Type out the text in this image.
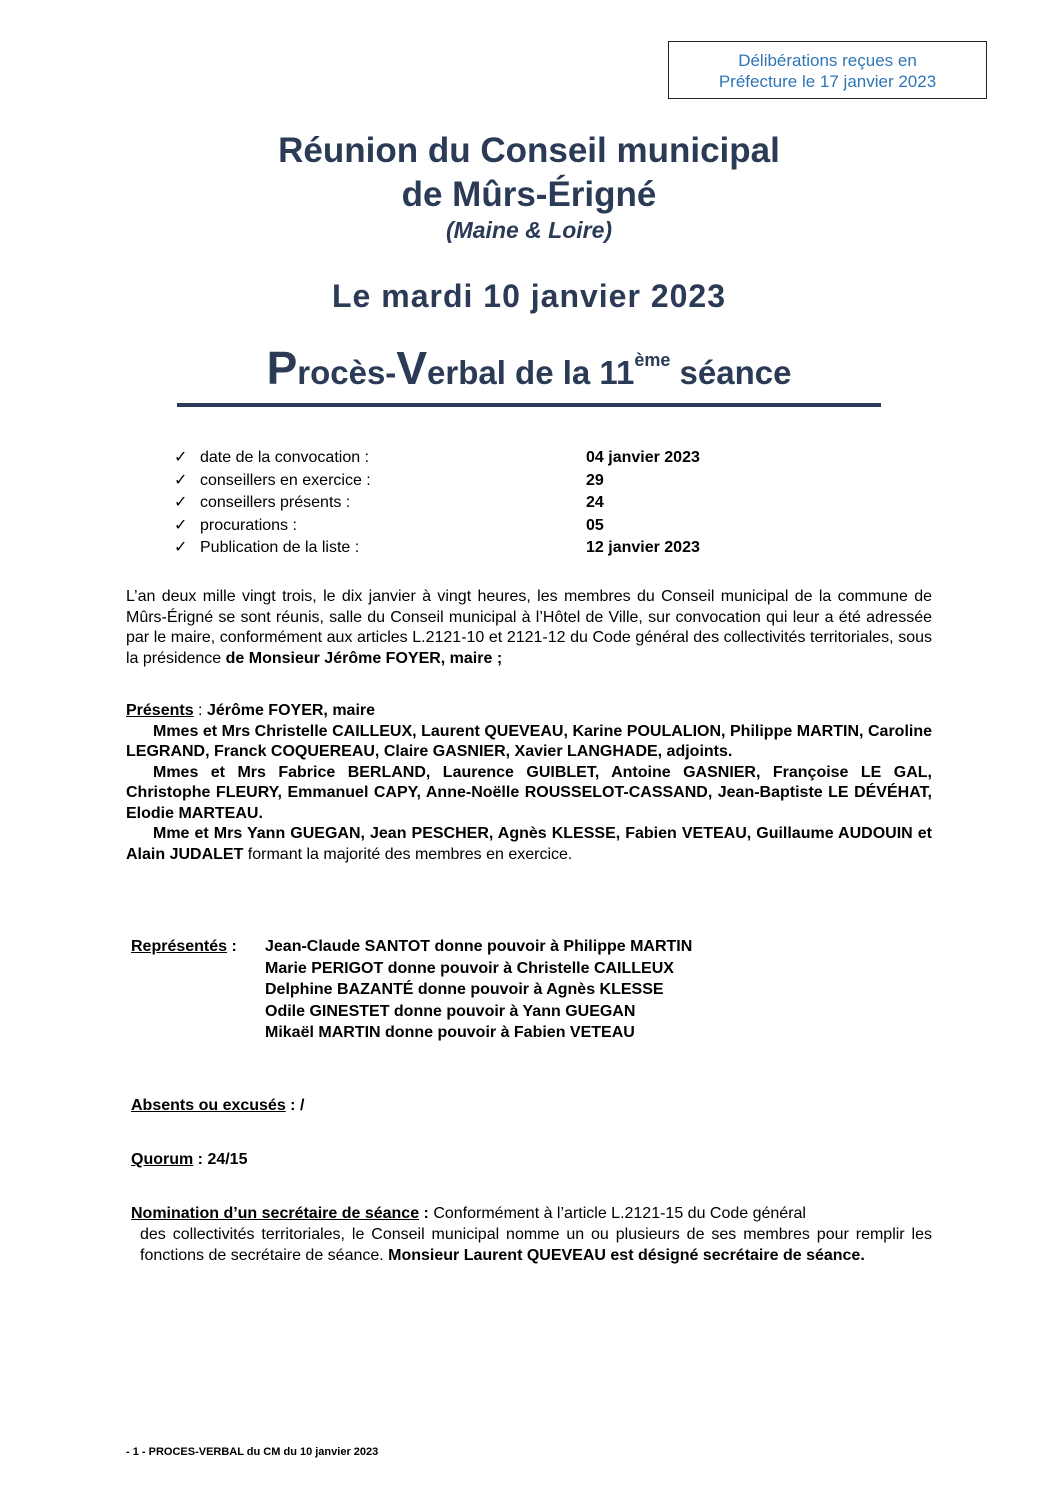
Délibérations reçues en
Préfecture le 17 janvier 2023
Réunion du Conseil municipal
de Mûrs-Érigné
(Maine & Loire)
Le mardi 10 janvier 2023
Procès-Verbal de la 11ème séance
✓ date de la convocation :	04 janvier 2023
✓ conseillers en exercice :	29
✓ conseillers présents :	24
✓ procurations :	05
✓ Publication de la liste :	12 janvier 2023
L’an deux mille vingt trois, le dix janvier à vingt heures, les membres du Conseil municipal de la commune de Mûrs-Érigné se sont réunis, salle du Conseil municipal à l’Hôtel de Ville, sur convocation qui leur a été adressée par le maire, conformément aux articles L.2121-10 et 2121-12 du Code général des collectivités territoriales, sous la présidence de Monsieur Jérôme FOYER, maire ;
Présents : Jérôme FOYER, maire
Mmes et Mrs Christelle CAILLEUX, Laurent QUEVEAU, Karine POULALION, Philippe MARTIN, Caroline LEGRAND, Franck COQUEREAU, Claire GASNIER, Xavier LANGHADE, adjoints.
Mmes et Mrs Fabrice BERLAND, Laurence GUIBLET, Antoine GASNIER, Françoise LE GAL, Christophe FLEURY, Emmanuel CAPY, Anne-Noëlle ROUSSELOT-CASSAND, Jean-Baptiste LE DÉVÉHAT, Elodie MARTEAU.
Mme et Mrs Yann GUEGAN, Jean PESCHER, Agnès KLESSE, Fabien VETEAU, Guillaume AUDOUIN et Alain JUDALET formant la majorité des membres en exercice.
Représentés : Jean-Claude SANTOT donne pouvoir à Philippe MARTIN
Marie PERIGOT donne pouvoir à Christelle CAILLEUX
Delphine BAZANTÉ donne pouvoir à Agnès KLESSE
Odile GINESTET donne pouvoir à Yann GUEGAN
Mikaël MARTIN donne pouvoir à Fabien VETEAU
Absents ou excusés : /
Quorum : 24/15
Nomination d’un secrétaire de séance : Conformément à l’article L.2121-15 du Code général
des collectivités territoriales, le Conseil municipal nomme un ou plusieurs de ses membres pour remplir les fonctions de secrétaire de séance. Monsieur Laurent QUEVEAU est désigné secrétaire de séance.
- 1 - PROCES-VERBAL du CM du 10 janvier 2023
